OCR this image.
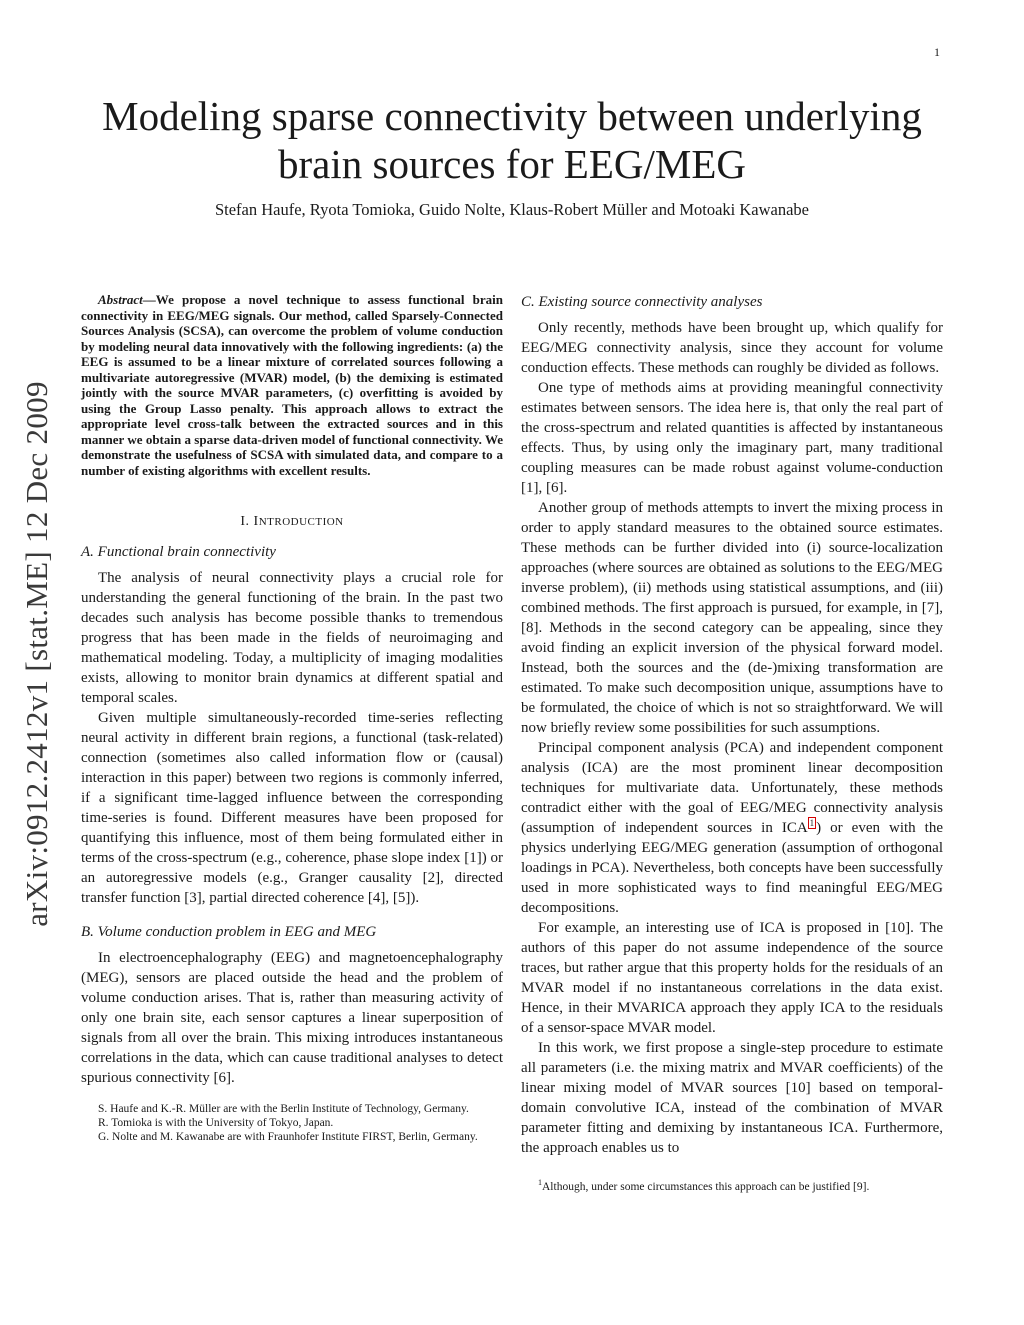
1
Modeling sparse connectivity between underlying brain sources for EEG/MEG
Stefan Haufe, Ryota Tomioka, Guido Nolte, Klaus-Robert Müller and Motoaki Kawanabe
arXiv:0912.2412v1 [stat.ME] 12 Dec 2009

Abstract—We propose a novel technique to assess functional brain connectivity in EEG/MEG signals. Our method, called Sparsely-Connected Sources Analysis (SCSA), can overcome the problem of volume conduction by modeling neural data innovatively with the following ingredients: (a) the EEG is assumed to be a linear mixture of correlated sources following a multivariate autoregressive (MVAR) model, (b) the demixing is estimated jointly with the source MVAR parameters, (c) overfitting is avoided by using the Group Lasso penalty. This approach allows to extract the appropriate level cross-talk between the extracted sources and in this manner we obtain a sparse data-driven model of functional connectivity. We demonstrate the usefulness of SCSA with simulated data, and compare to a number of existing algorithms with excellent results.

I. INTRODUCTION
A. Functional brain connectivity

The analysis of neural connectivity plays a crucial role for understanding the general functioning of the brain. In the past two decades such analysis has become possible thanks to tremendous progress that has been made in the fields of neuroimaging and mathematical modeling. Today, a multiplicity of imaging modalities exists, allowing to monitor brain dynamics at different spatial and temporal scales.

Given multiple simultaneously-recorded time-series reflecting neural activity in different brain regions, a functional (task-related) connection (sometimes also called information flow or (causal) interaction in this paper) between two regions is commonly inferred, if a significant time-lagged influence between the corresponding time-series is found. Different measures have been proposed for quantifying this influence, most of them being formulated either in terms of the cross-spectrum (e.g., coherence, phase slope index [1]) or an autoregressive models (e.g., Granger causality [2], directed transfer function [3], partial directed coherence [4], [5]).

B. Volume conduction problem in EEG and MEG

In electroencephalography (EEG) and magnetoencephalography (MEG), sensors are placed outside the head and the problem of volume conduction arises. That is, rather than measuring activity of only one brain site, each sensor captures a linear superposition of signals from all over the brain. This mixing introduces instantaneous correlations in the data, which can cause traditional analyses to detect spurious connectivity [6].

S. Haufe and K.-R. Müller are with the Berlin Institute of Technology, Germany.

R. Tomioka is with the University of Tokyo, Japan.

G. Nolte and M. Kawanabe are with Fraunhofer Institute FIRST, Berlin, Germany.

C. Existing source connectivity analyses

Only recently, methods have been brought up, which qualify for EEG/MEG connectivity analysis, since they account for volume conduction effects. These methods can roughly be divided as follows.

One type of methods aims at providing meaningful connectivity estimates between sensors. The idea here is, that only the real part of the cross-spectrum and related quantities is affected by instantaneous effects. Thus, by using only the imaginary part, many traditional coupling measures can be made robust against volume-conduction [1], [6].

Another group of methods attempts to invert the mixing process in order to apply standard measures to the obtained source estimates. These methods can be further divided into (i) source-localization approaches (where sources are obtained as solutions to the EEG/MEG inverse problem), (ii) methods using statistical assumptions, and (iii) combined methods. The first approach is pursued, for example, in [7], [8]. Methods in the second category can be appealing, since they avoid finding an explicit inversion of the physical forward model. Instead, both the sources and the (de-)mixing transformation are estimated. To make such decomposition unique, assumptions have to be formulated, the choice of which is not so straightforward. We will now briefly review some possibilities for such assumptions.

Principal component analysis (PCA) and independent component analysis (ICA) are the most prominent linear decomposition techniques for multivariate data. Unfortunately, these methods contradict either with the goal of EEG/MEG connectivity analysis (assumption of independent sources in ICA $^1$ ) or even with the physics underlying EEG/MEG generation (assumption of orthogonal loadings in PCA). Nevertheless, both concepts have been successfully used in more sophisticated ways to find meaningful EEG/MEG decompositions.

For example, an interesting use of ICA is proposed in [10]. The authors of this paper do not assume independence of the source traces, but rather argue that this property holds for the residuals of an MVAR model if no instantaneous correlations in the data exist. Hence, in their MVARICA approach they apply ICA to the residuals of a sensor-space MVAR model.

In this work, we first propose a single-step procedure to estimate all parameters (i.e. the mixing matrix and MVAR coefficients) of the linear mixing model of MVAR sources [10] based on temporal-domain convolutive ICA, instead of the combination of MVAR parameter fitting and demixing by instantaneous ICA. Furthermore, the approach enables us to

$^1$Although, under some circumstances this approach can be justified [9].
